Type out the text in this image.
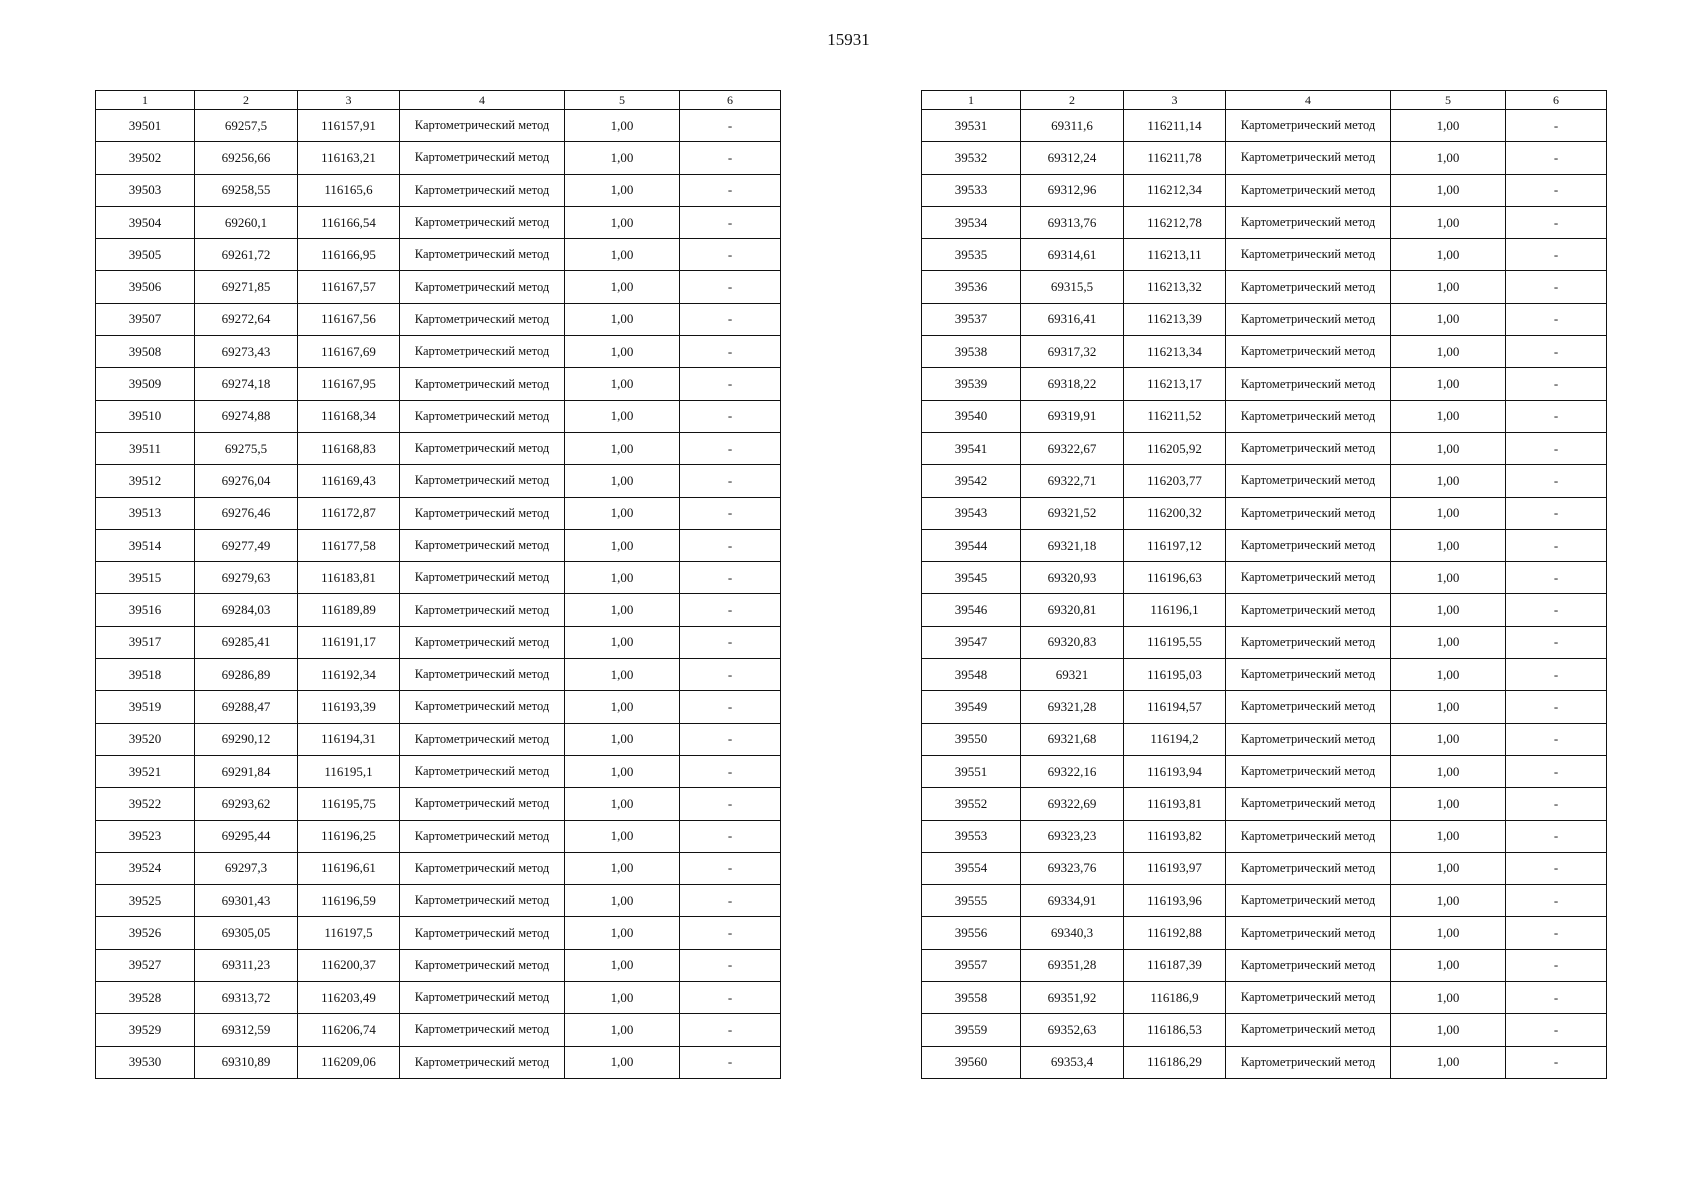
15931
1	2	3	4	5	6
39501	69257,5	116157,91	Картометрический метод	1,00	-
39502	69256,66	116163,21	Картометрический метод	1,00	-
39503	69258,55	116165,6	Картометрический метод	1,00	-
39504	69260,1	116166,54	Картометрический метод	1,00	-
39505	69261,72	116166,95	Картометрический метод	1,00	-
39506	69271,85	116167,57	Картометрический метод	1,00	-
39507	69272,64	116167,56	Картометрический метод	1,00	-
39508	69273,43	116167,69	Картометрический метод	1,00	-
39509	69274,18	116167,95	Картометрический метод	1,00	-
39510	69274,88	116168,34	Картометрический метод	1,00	-
39511	69275,5	116168,83	Картометрический метод	1,00	-
39512	69276,04	116169,43	Картометрический метод	1,00	-
39513	69276,46	116172,87	Картометрический метод	1,00	-
39514	69277,49	116177,58	Картометрический метод	1,00	-
39515	69279,63	116183,81	Картометрический метод	1,00	-
39516	69284,03	116189,89	Картометрический метод	1,00	-
39517	69285,41	116191,17	Картометрический метод	1,00	-
39518	69286,89	116192,34	Картометрический метод	1,00	-
39519	69288,47	116193,39	Картометрический метод	1,00	-
39520	69290,12	116194,31	Картометрический метод	1,00	-
39521	69291,84	116195,1	Картометрический метод	1,00	-
39522	69293,62	116195,75	Картометрический метод	1,00	-
39523	69295,44	116196,25	Картометрический метод	1,00	-
39524	69297,3	116196,61	Картометрический метод	1,00	-
39525	69301,43	116196,59	Картометрический метод	1,00	-
39526	69305,05	116197,5	Картометрический метод	1,00	-
39527	69311,23	116200,37	Картометрический метод	1,00	-
39528	69313,72	116203,49	Картометрический метод	1,00	-
39529	69312,59	116206,74	Картометрический метод	1,00	-
39530	69310,89	116209,06	Картометрический метод	1,00	-
1	2	3	4	5	6
39531	69311,6	116211,14	Картометрический метод	1,00	-
39532	69312,24	116211,78	Картометрический метод	1,00	-
39533	69312,96	116212,34	Картометрический метод	1,00	-
39534	69313,76	116212,78	Картометрический метод	1,00	-
39535	69314,61	116213,11	Картометрический метод	1,00	-
39536	69315,5	116213,32	Картометрический метод	1,00	-
39537	69316,41	116213,39	Картометрический метод	1,00	-
39538	69317,32	116213,34	Картометрический метод	1,00	-
39539	69318,22	116213,17	Картометрический метод	1,00	-
39540	69319,91	116211,52	Картометрический метод	1,00	-
39541	69322,67	116205,92	Картометрический метод	1,00	-
39542	69322,71	116203,77	Картометрический метод	1,00	-
39543	69321,52	116200,32	Картометрический метод	1,00	-
39544	69321,18	116197,12	Картометрический метод	1,00	-
39545	69320,93	116196,63	Картометрический метод	1,00	-
39546	69320,81	116196,1	Картометрический метод	1,00	-
39547	69320,83	116195,55	Картометрический метод	1,00	-
39548	69321	116195,03	Картометрический метод	1,00	-
39549	69321,28	116194,57	Картометрический метод	1,00	-
39550	69321,68	116194,2	Картометрический метод	1,00	-
39551	69322,16	116193,94	Картометрический метод	1,00	-
39552	69322,69	116193,81	Картометрический метод	1,00	-
39553	69323,23	116193,82	Картометрический метод	1,00	-
39554	69323,76	116193,97	Картометрический метод	1,00	-
39555	69334,91	116193,96	Картометрический метод	1,00	-
39556	69340,3	116192,88	Картометрический метод	1,00	-
39557	69351,28	116187,39	Картометрический метод	1,00	-
39558	69351,92	116186,9	Картометрический метод	1,00	-
39559	69352,63	116186,53	Картометрический метод	1,00	-
39560	69353,4	116186,29	Картометрический метод	1,00	-
